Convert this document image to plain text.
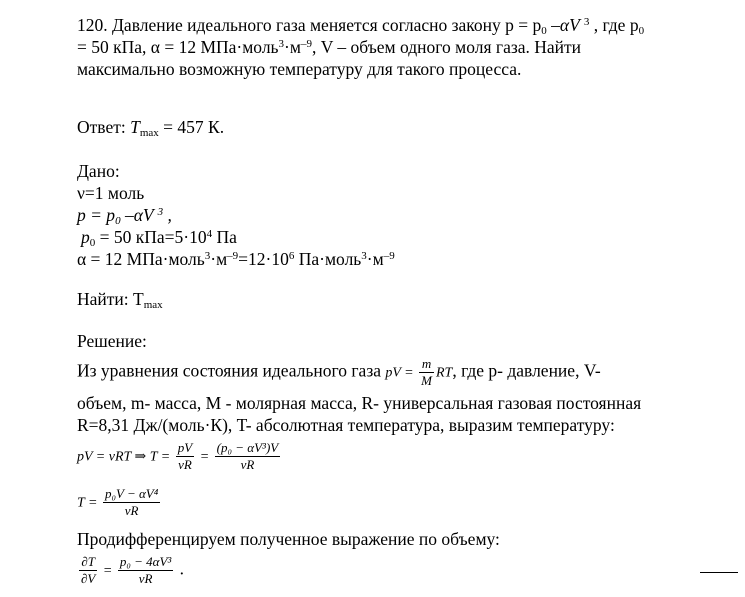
120. Давление идеального газа меняется согласно закону $p = p_0$ –αV $^3$ , где $p_0$
= 50 кПа, α = 12 $МПа\cdot моль^3\cdot м^{-9}$, V – объем одного моля газа. Найти
максимально возможную температуру для такого процесса.
Ответ: $T_{max} = 457$ К.
Дано:
ν=1 моль
$p = p_0$ –αV $^3$ ,
$p_0 = 50$ $кПа=5\cdot 10^4$ Па
α = 12 $МПа\cdot моль^3\cdot м^{-9}=12\cdot 10^6$ $Па\cdot моль^3\cdot м^{-9}$
Найти: $T_{max}$
Решение:
Из уравнения состояния идеального газа pV = $\frac{m}{M}$ RT, где p- давление, V-
объем, m- масса, M - молярная масса, R- универсальная газовая постоянная
R=8,31 Дж/(моль·К), T- абсолютная температура, выразим температуру:
pV = νRT ⇒ $T = \frac{pV}{\nu R} = \frac{\text{(p₀ − αV³)V}}{\nu R}$
$T = \frac{\text{p₀V − αV⁴}}{\nu R}$
Продифференцируем полученное выражение по объему:
$\frac{\partial T}{\partial V} = \frac{\text{p₀ − 4αV³}}{\nu R}$ .
